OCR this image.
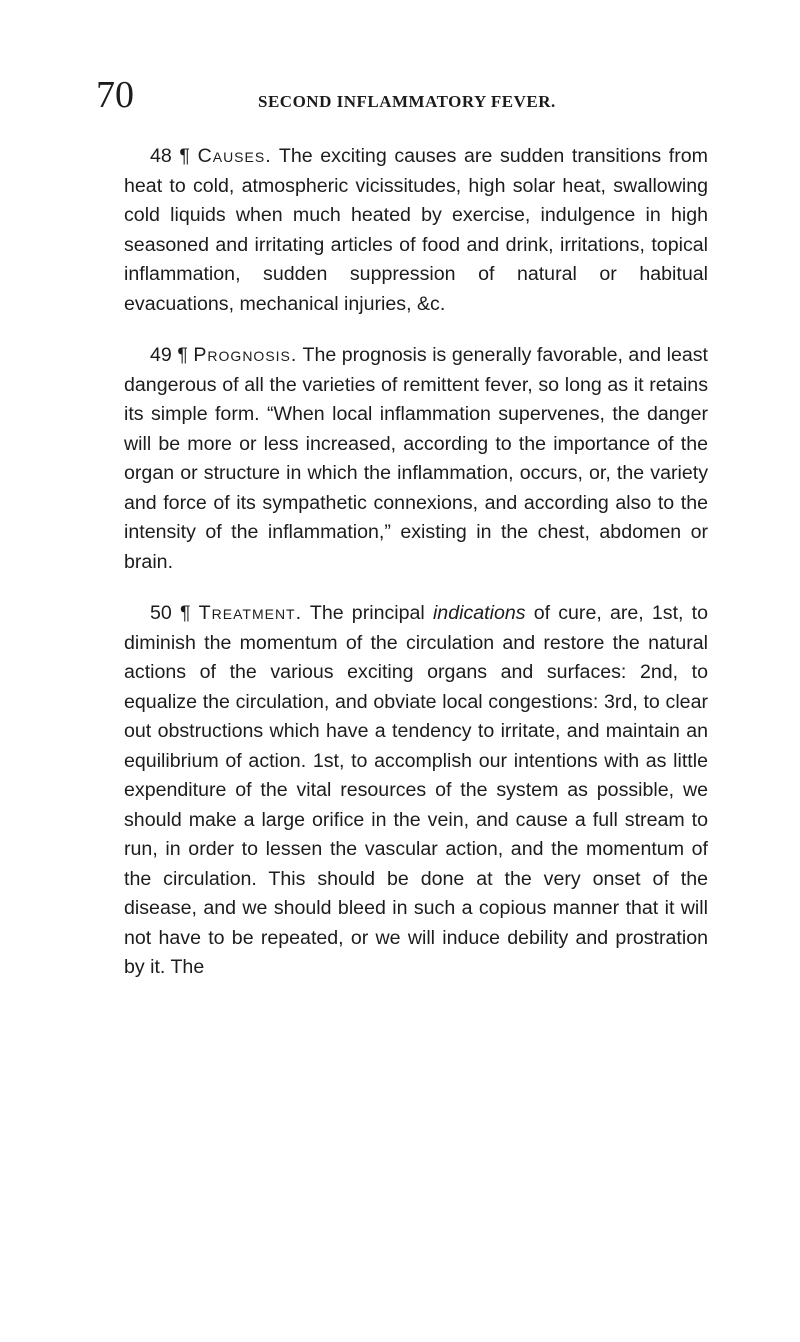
70	SECOND INFLAMMATORY FEVER.

48 ¶ Causes. The exciting causes are sudden transitions from heat to cold, atmospheric vicissitudes, high solar heat, swallowing cold liquids when much heated by exercise, indulgence in high seasoned and irritating articles of food and drink, irritations, topical inflammation, sudden suppression of natural or habitual evacuations, mechanical injuries, &c.

49 ¶ Prognosis. The prognosis is generally favorable, and least dangerous of all the varieties of remittent fever, so long as it retains its simple form. “When local inflammation supervenes, the danger will be more or less increased, according to the importance of the organ or structure in which the inflammation, occurs, or, the variety and force of its sympathetic connexions, and according also to the intensity of the inflammation,” existing in the chest, abdomen or brain.

50 ¶ Treatment. The principal indications of cure, are, 1st, to diminish the momentum of the circulation and restore the natural actions of the various exciting organs and surfaces: 2nd, to equalize the circulation, and obviate local congestions: 3rd, to clear out obstructions which have a tendency to irritate, and maintain an equilibrium of action. 1st, to accomplish our intentions with as little expenditure of the vital resources of the system as possible, we should make a large orifice in the vein, and cause a full stream to run, in order to lessen the vascular action, and the momentum of the circulation. This should be done at the very onset of the disease, and we should bleed in such a copious manner that it will not have to be repeated, or we will induce debility and prostration by it. The
